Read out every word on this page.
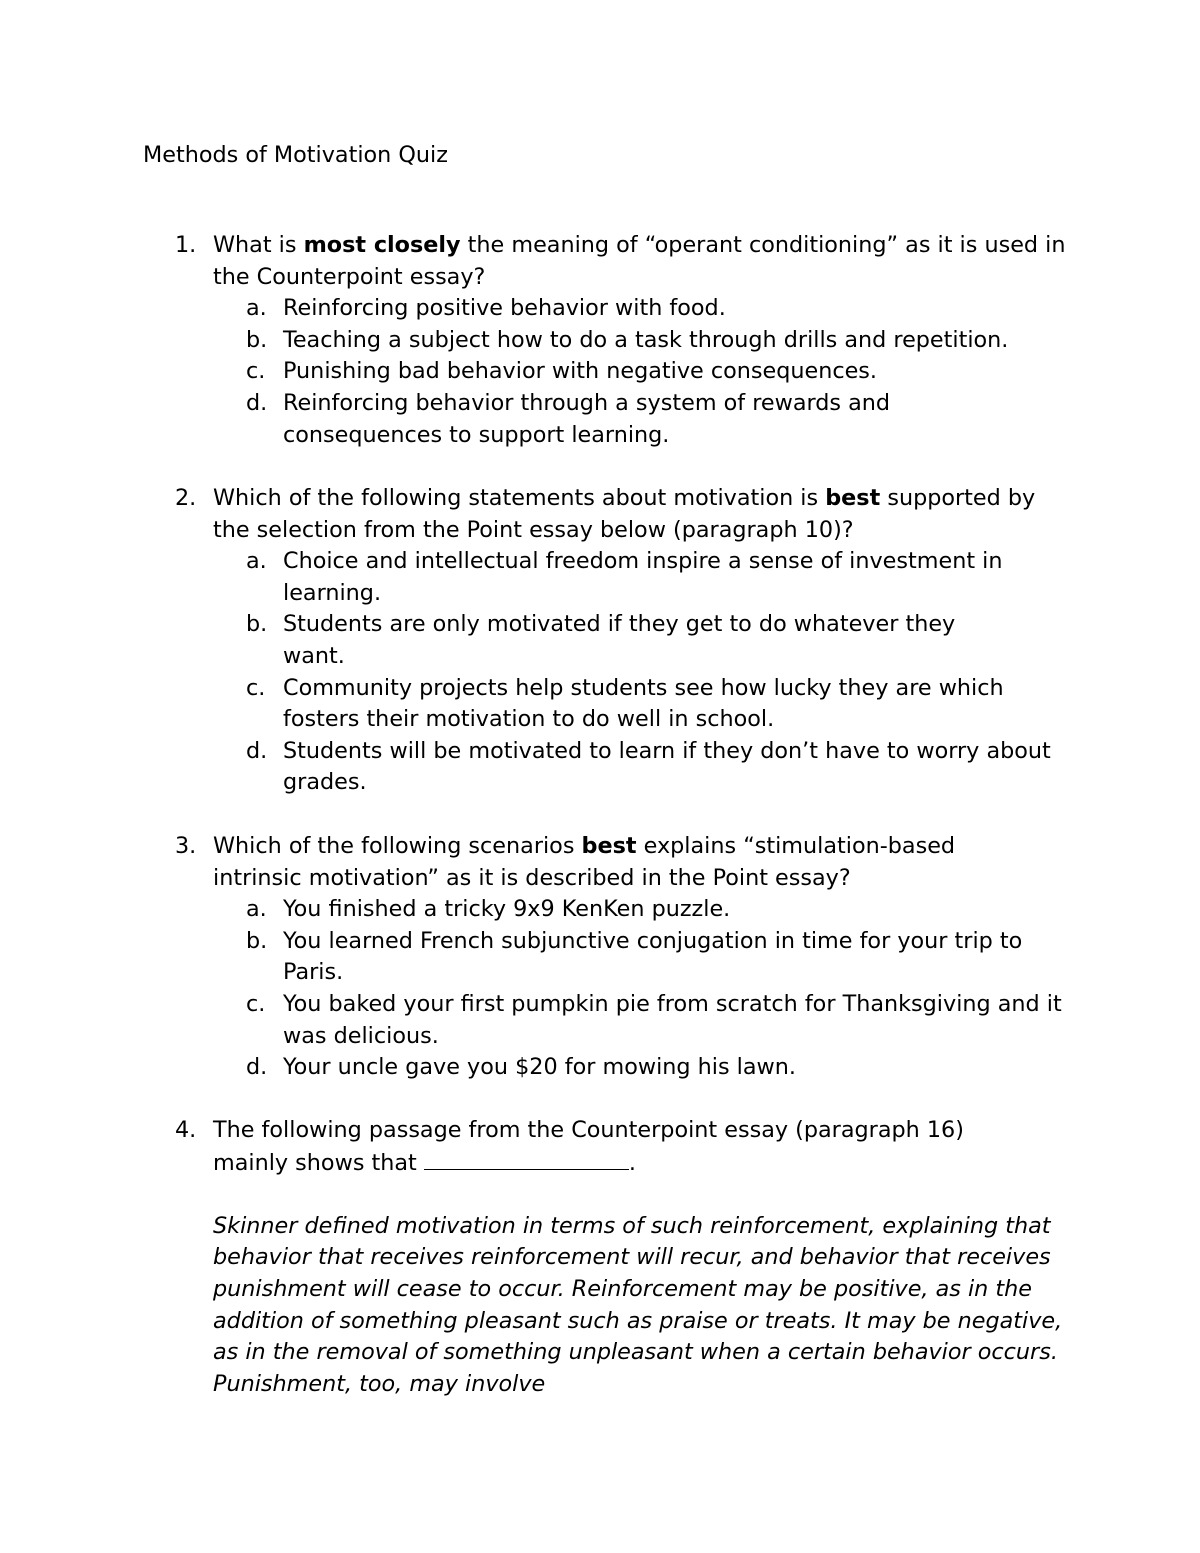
Methods of Motivation Quiz
1. What is most closely the meaning of “operant conditioning” as it is used in the Counterpoint essay?
a. Reinforcing positive behavior with food.
b. Teaching a subject how to do a task through drills and repetition.
c. Punishing bad behavior with negative consequences.
d. Reinforcing behavior through a system of rewards and consequences to support learning.
2. Which of the following statements about motivation is best supported by the selection from the Point essay below (paragraph 10)?
a. Choice and intellectual freedom inspire a sense of investment in learning.
b. Students are only motivated if they get to do whatever they want.
c. Community projects help students see how lucky they are which fosters their motivation to do well in school.
d. Students will be motivated to learn if they don’t have to worry about grades.
3. Which of the following scenarios best explains “stimulation-based intrinsic motivation” as it is described in the Point essay?
a. You finished a tricky 9x9 KenKen puzzle.
b. You learned French subjunctive conjugation in time for your trip to Paris.
c. You baked your first pumpkin pie from scratch for Thanksgiving and it was delicious.
d. Your uncle gave you $20 for mowing his lawn.
4. The following passage from the Counterpoint essay (paragraph 16) mainly shows that	.
Skinner defined motivation in terms of such reinforcement, explaining that behavior that receives reinforcement will recur, and behavior that receives punishment will cease to occur. Reinforcement may be positive, as in the addition of something pleasant such as praise or treats. It may be negative, as in the removal of something unpleasant when a certain behavior occurs. Punishment, too, may involve
